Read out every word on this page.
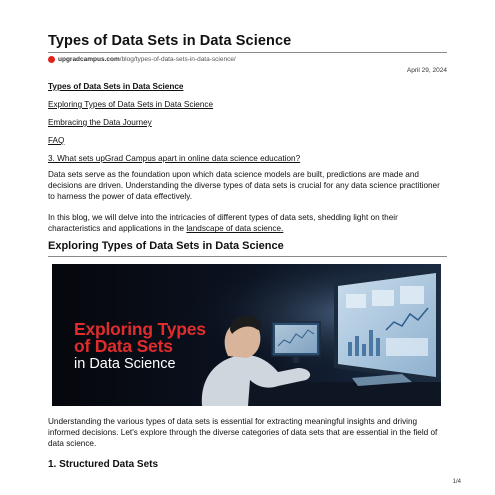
Types of Data Sets in Data Science
upgradcampus.com /blog/types-of-data-sets-in-data-science/
April 29, 2024
Types of Data Sets in Data Science
Exploring Types of Data Sets in Data Science
Embracing the Data Journey
FAQ
3. What sets upGrad Campus apart in online data science education?

Data sets serve as the foundation upon which data science models are built, predictions are made and decisions are driven. Understanding the diverse types of data sets is crucial for any data science practitioner to harness the power of data effectively.

In this blog, we will delve into the intricacies of different types of data sets, shedding light on their characteristics and applications in the landscape of data science.

Exploring Types of Data Sets in Data Science
Exploring Types
of Data Sets
in Data Science

Understanding the various types of data sets is essential for extracting meaningful insights and driving informed decisions. Let's explore through the diverse categories of data sets that are essential in the field of data science.

1. Structured Data Sets
1/4
